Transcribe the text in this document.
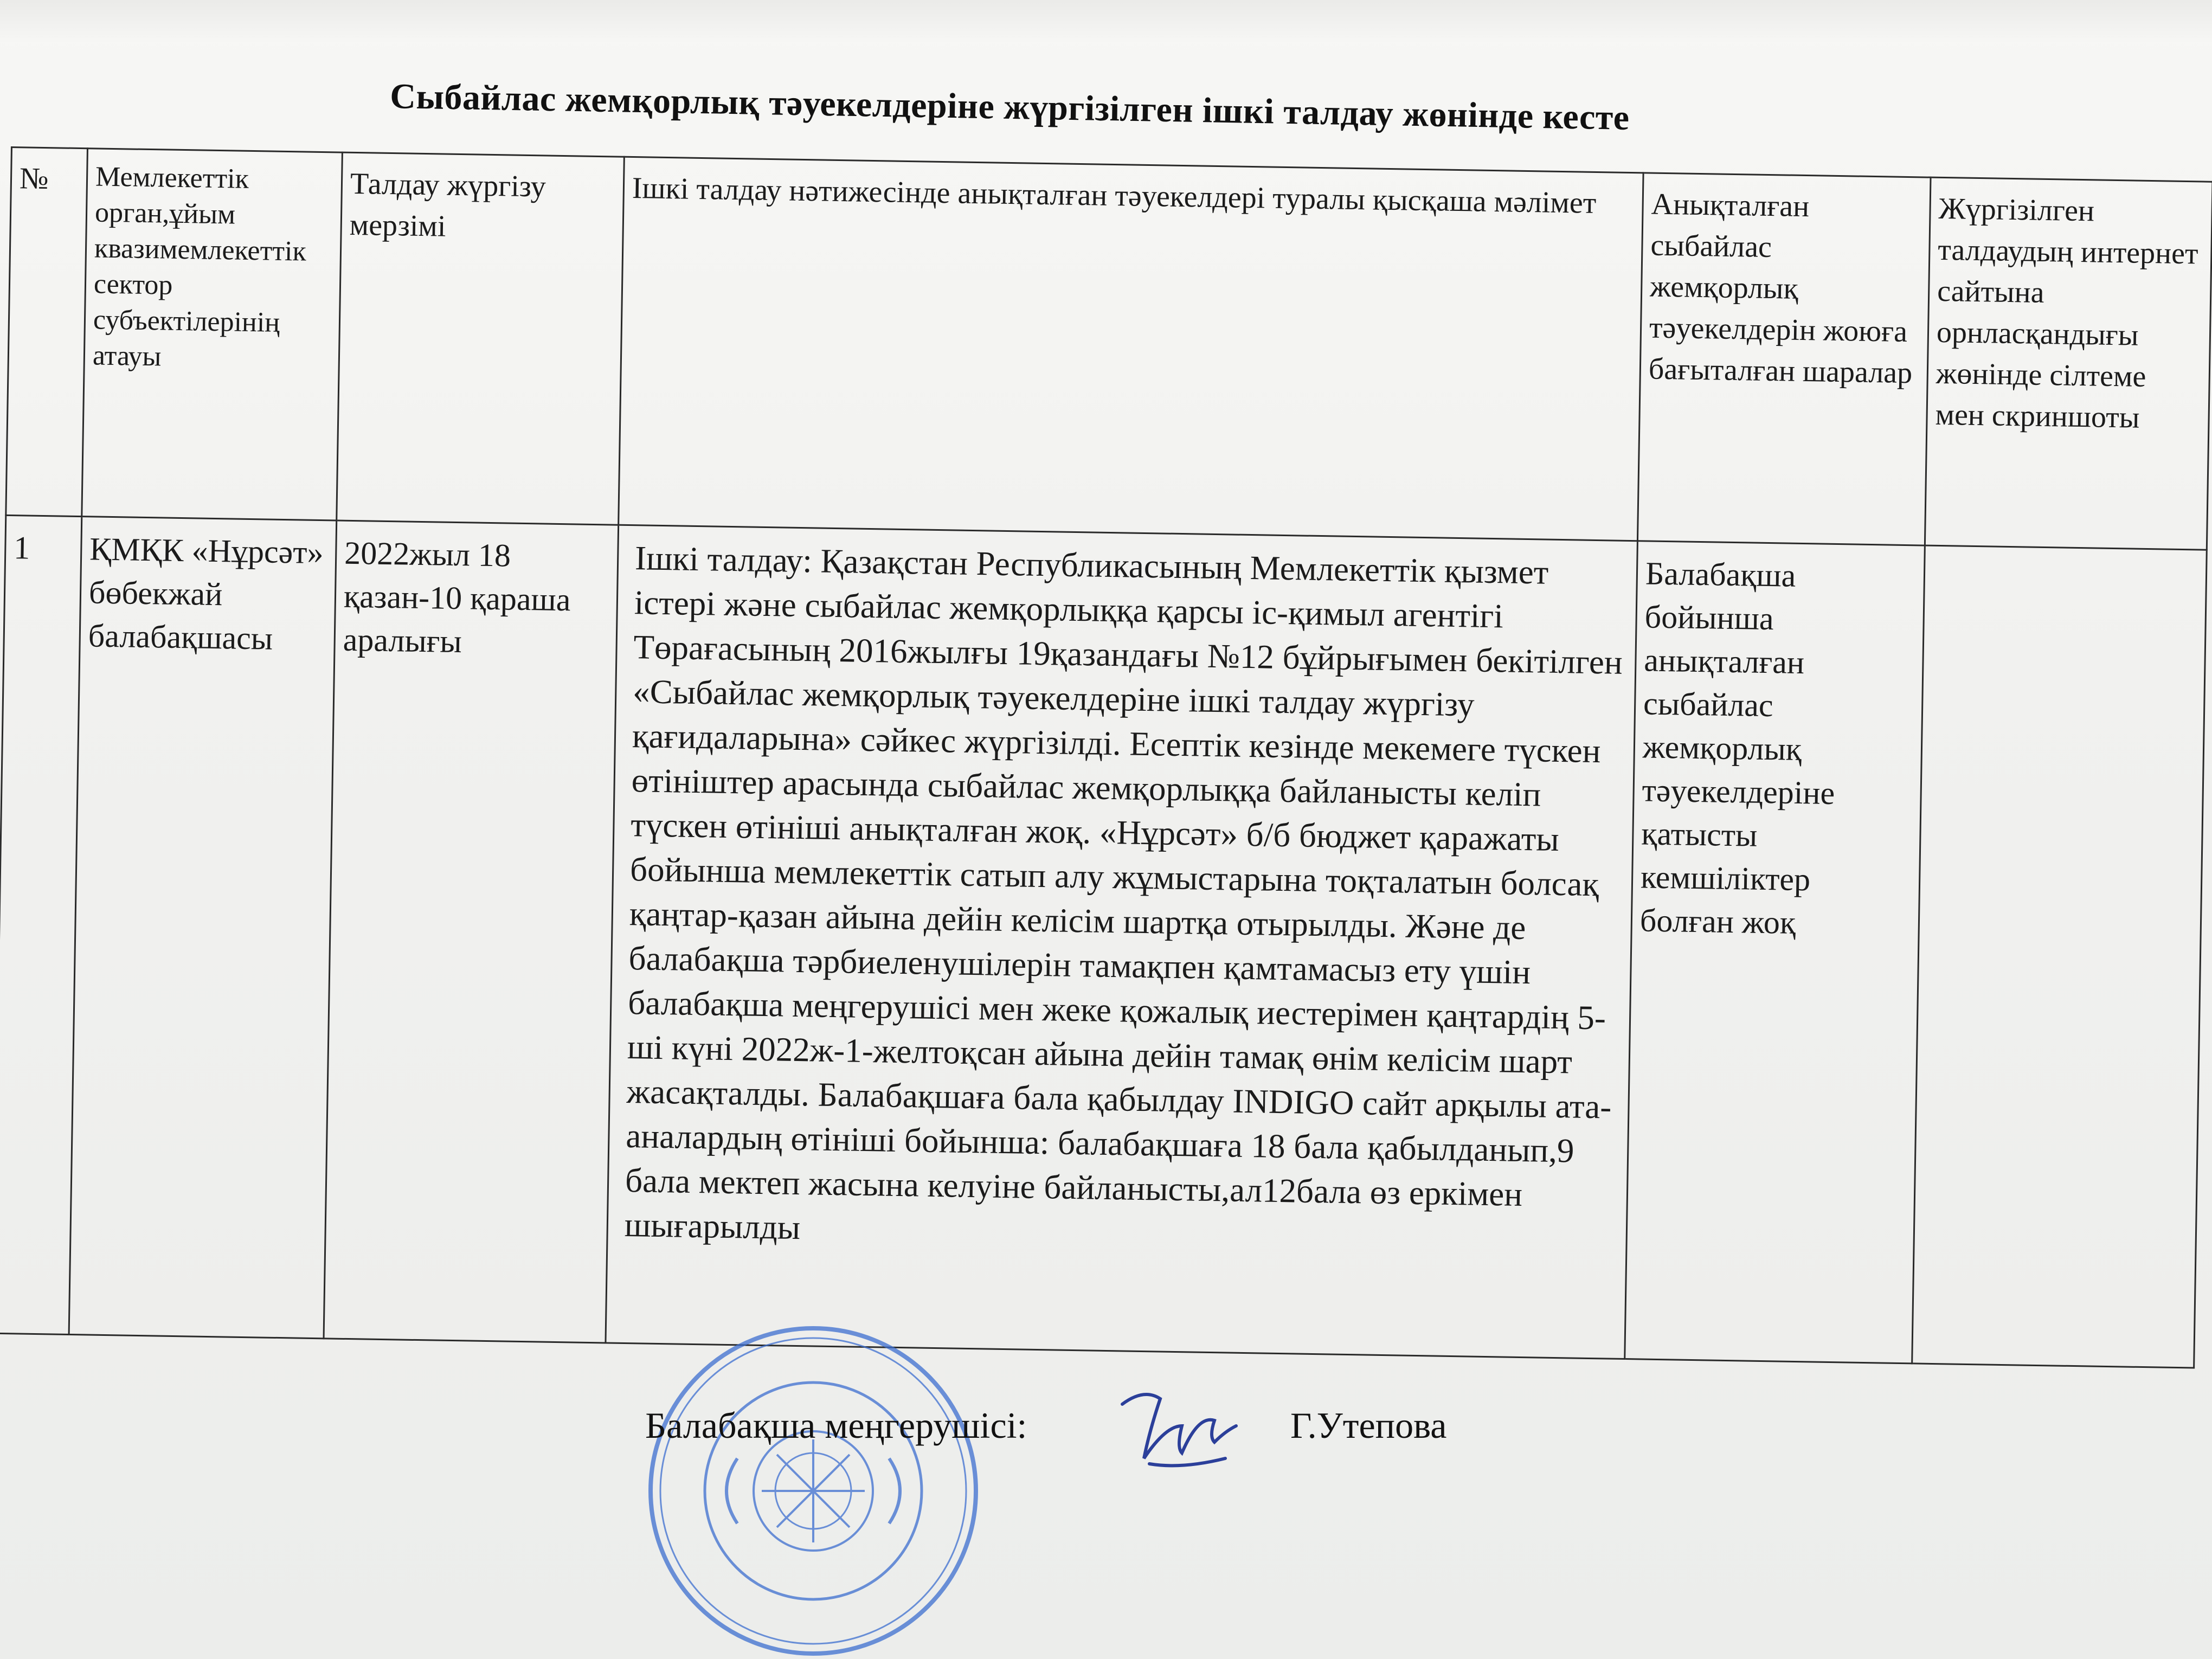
Сыбайлас жемқорлық тәуекелдеріне жүргізілген ішкі талдау жөнінде кесте
№	Мемлекеттік орган,ұйым квазимемлекеттік сектор субъектілерінің атауы	Талдау жүргізу мерзімі	Ішкі талдау нәтижесінде анықталған тәуекелдері туралы қысқаша мәлімет	Анықталған сыбайлас жемқорлық тәуекелдерін жоюға бағыталған шаралар	Жүргізілген талдаудың интернет сайтына орнласқандығы жөнінде сілтеме мен скриншоты
1	ҚМҚК «Нұрсәт» бөбекжай балабақшасы	2022жыл 18 қазан-10 қараша аралығы	Ішкі талдау: Қазақстан Республикасының Мемлекеттік қызмет істері және сыбайлас жемқорлыққа қарсы іс-қимыл агентігі Төрағасының 2016жылғы 19қазандағы №12 бұйрығымен бекітілген «Сыбайлас жемқорлық тәуекелдеріне ішкі талдау жүргізу қағидаларына» сәйкес жүргізілді. Есептік кезінде мекемеге түскен өтініштер арасында сыбайлас жемқорлыққа байланысты келіп түскен өтініші анықталған жоқ. «Нұрсәт» б/б бюджет қаражаты бойынша мемлекеттік сатып алу жұмыстарына тоқталатын болсақ қаңтар-қазан айына дейін келісім шартқа отырылды. Және де балабақша тәрбиеленушілерін тамақпен қамтамасыз ету үшін балабақша меңгерушісі мен жеке қожалық иестерімен қаңтардің 5-ші күні 2022ж-1-желтоқсан айына дейін тамақ өнім келісім шарт жасақталды. Балабақшаға бала қабылдау INDIGO сайт арқылы ата-аналардың өтініші бойынша: балабақшаға 18 бала қабылданып,9 бала мектеп жасына келуіне байланысты,ал12бала өз еркімен шығарылды	Балабақша бойынша анықталған сыбайлас жемқорлық тәуекелдеріне қатысты кемшіліктер болған жоқ	
Балабақша меңгерушісі:	Г.Утепова
